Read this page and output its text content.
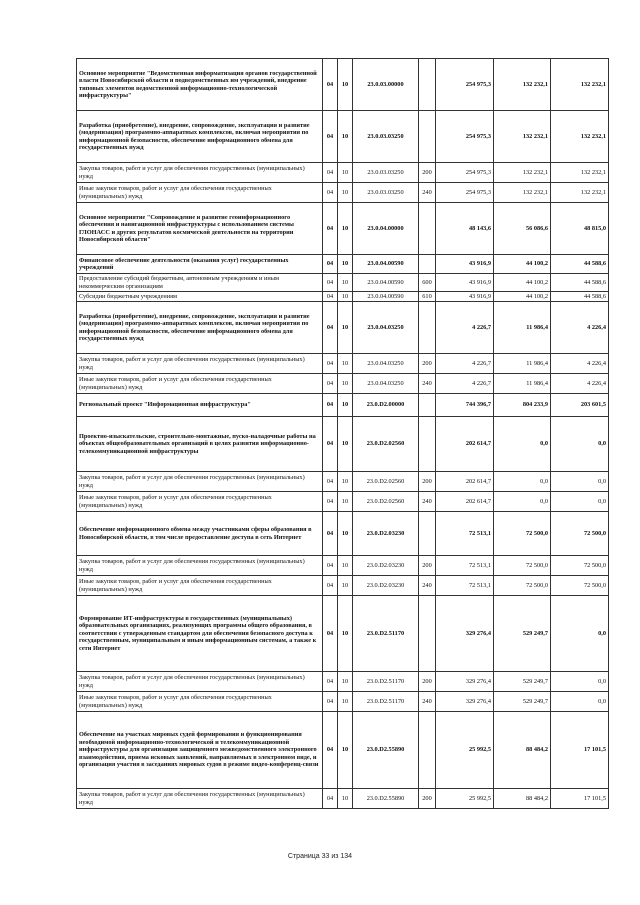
Основное мероприятие "Ведомственная информатизация органов государственной власти Новосибирской области и подведомственных им учреждений, внедрение типовых элементов ведомственной информационно-технологической инфраструктуры"	04	10	23.0.03.00000		254 975,3	132 232,1	132 232,1
Разработка (приобретение), внедрение, сопровождение, эксплуатация и развитие (модернизация) программно-аппаратных комплексов, включая мероприятия по информационной безопасности, обеспечение информационного обмена для государственных нужд	04	10	23.0.03.03250		254 975,3	132 232,1	132 232,1
Закупка товаров, работ и услуг для обеспечения государственных (муниципальных) нужд	04	10	23.0.03.03250	200	254 975,3	132 232,1	132 232,1
Иные закупки товаров, работ и услуг для обеспечения государственных (муниципальных) нужд	04	10	23.0.03.03250	240	254 975,3	132 232,1	132 232,1
Основное мероприятие "Сопровождение и развитие геоинформационного обеспечения и навигационной инфраструктуры с использованием системы ГЛОНАСС и других результатов космической деятельности на территории Новосибирской области"	04	10	23.0.04.00000		48 143,6	56 086,6	48 815,0
Финансовое обеспечение деятельности (оказания услуг) государственных учреждений	04	10	23.0.04.00590		43 916,9	44 100,2	44 588,6
Предоставление субсидий бюджетным, автономным учреждениям и иным некоммерческим организациям	04	10	23.0.04.00590	600	43 916,9	44 100,2	44 588,6
Субсидии бюджетным учреждениям	04	10	23.0.04.00590	610	43 916,9	44 100,2	44 588,6
Разработка (приобретение), внедрение, сопровождение, эксплуатация и развитие (модернизация) программно-аппаратных комплексов, включая мероприятия по информационной безопасности, обеспечение информационного обмена для государственных нужд	04	10	23.0.04.03250		4 226,7	11 986,4	4 226,4
Закупка товаров, работ и услуг для обеспечения государственных (муниципальных) нужд	04	10	23.0.04.03250	200	4 226,7	11 986,4	4 226,4
Иные закупки товаров, работ и услуг для обеспечения государственных (муниципальных) нужд	04	10	23.0.04.03250	240	4 226,7	11 986,4	4 226,4
Региональный проект "Информационная инфраструктура"	04	10	23.0.D2.00000		744 396,7	804 233,9	203 601,5
Проектно-изыскательские, строительно-монтажные, пуско-наладочные работы на объектах общеобразовательных организаций в целях развития информационно-телекоммуникационной инфраструктуры	04	10	23.0.D2.02560		202 614,7	0,0	0,0
Закупка товаров, работ и услуг для обеспечения государственных (муниципальных) нужд	04	10	23.0.D2.02560	200	202 614,7	0,0	0,0
Иные закупки товаров, работ и услуг для обеспечения государственных (муниципальных) нужд	04	10	23.0.D2.02560	240	202 614,7	0,0	0,0
Обеспечение информационного обмена между участниками сферы образования в Новосибирской области, в том числе предоставление доступа в сеть Интернет	04	10	23.0.D2.03230		72 513,1	72 500,0	72 500,0
Закупка товаров, работ и услуг для обеспечения государственных (муниципальных) нужд	04	10	23.0.D2.03230	200	72 513,1	72 500,0	72 500,0
Иные закупки товаров, работ и услуг для обеспечения государственных (муниципальных) нужд	04	10	23.0.D2.03230	240	72 513,1	72 500,0	72 500,0
Формирование ИТ-инфраструктуры в государственных (муниципальных) образовательных организациях, реализующих программы общего образования, в соответствии с утвержденным стандартом для обеспечения безопасного доступа к государственным, муниципальным и иным информационным системам, а также к сети Интернет	04	10	23.0.D2.51170		329 276,4	529 249,7	0,0
Закупка товаров, работ и услуг для обеспечения государственных (муниципальных) нужд	04	10	23.0.D2.51170	200	329 276,4	529 249,7	0,0
Иные закупки товаров, работ и услуг для обеспечения государственных (муниципальных) нужд	04	10	23.0.D2.51170	240	329 276,4	529 249,7	0,0
Обеспечение на участках мировых судей формирования и функционирования необходимой информационно-технологической и телекоммуникационной инфраструктуры для организации защищенного межведомственного электронного взаимодействия, приема исковых заявлений, направляемых в электронном виде, и организация участия в заседаниях мировых судов в режиме видео-конференц-связи	04	10	23.0.D2.55890		25 992,5	88 484,2	17 101,5
Закупка товаров, работ и услуг для обеспечения государственных (муниципальных) нужд	04	10	23.0.D2.55890	200	25 992,5	88 484,2	17 101,5
Страница 33 из 134
